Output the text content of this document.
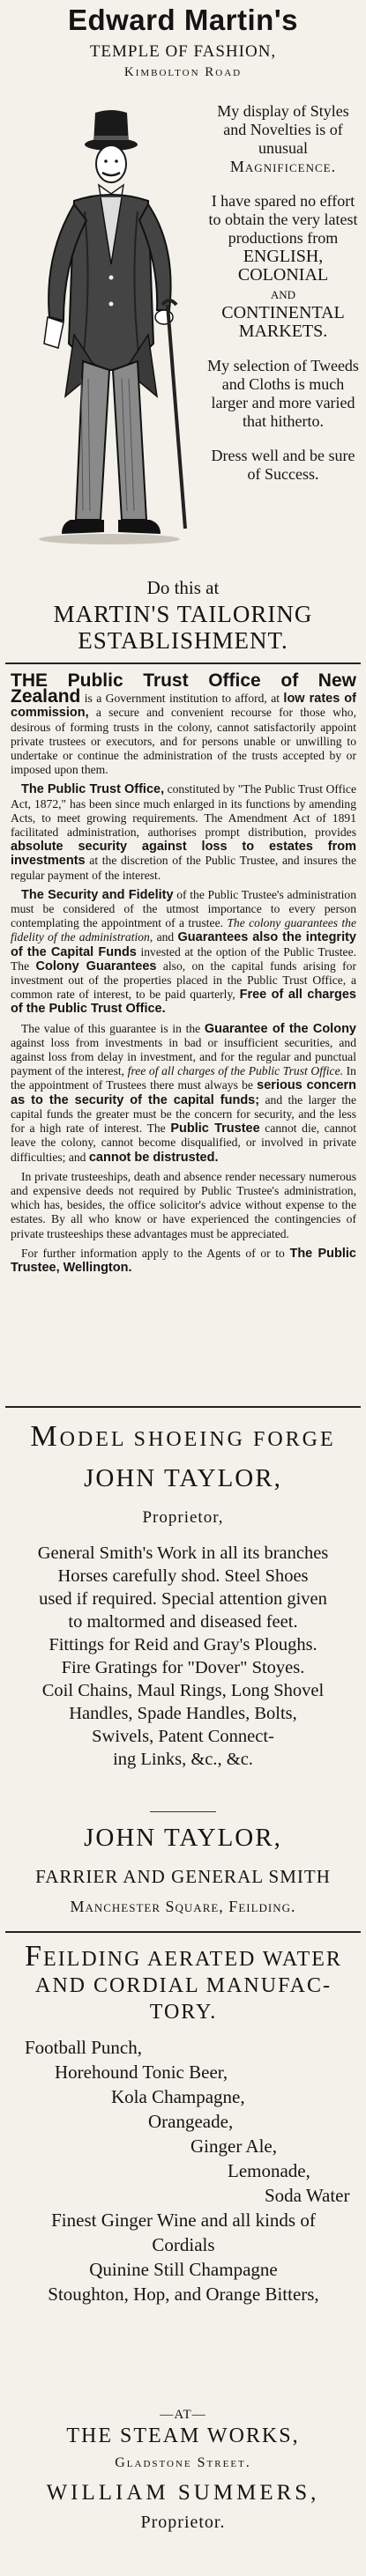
Edward Martin's
TEMPLE OF FASHION,
Kimbolton Road

My display of Styles and Novelties is of unusual
Magnificence.

I have spared no effort to obtain the very latest productions from
ENGLISH,
COLONIAL
AND
CONTINENTAL MARKETS.

My selection of Tweeds and Cloths is much larger and more varied that hitherto.

Dress well and be sure of Success.

Do this at
MARTIN'S TAILORING ESTABLISHMENT.

THE Public Trust Office of New Zealand is a Government institution to afford, at low rates of commission, a secure and convenient recourse for those who, desirous of forming trusts in the colony, cannot satisfactorily appoint private trustees or executors, and for persons unable or unwilling to undertake or continue the administration of the trusts accepted by or imposed upon them.

The Public Trust Office, constituted by "The Public Trust Office Act, 1872," has been since much enlarged in its functions by amending Acts, to meet growing requirements. The Amendment Act of 1891 facilitated administration, authorises prompt distribution, provides absolute security against loss to estates from investments at the discretion of the Public Trustee, and insures the regular payment of the interest.

The Security and Fidelity of the Public Trustee's administration must be considered of the utmost importance to every person contemplating the appointment of a trustee. The colony guarantees the fidelity of the administration, and Guarantees also the integrity of the Capital Funds invested at the option of the Public Trustee. The Colony Guarantees also, on the capital funds arising for investment out of the properties placed in the Public Trust Office, a common rate of interest, to be paid quarterly, Free of all charges of the Public Trust Office.

The value of this guarantee is in the Guarantee of the Colony against loss from investments in bad or insufficient securities, and against loss from delay in investment, and for the regular and punctual payment of the interest, free of all charges of the Public Trust Office. In the appointment of Trustees there must always be serious concern as to the security of the capital funds; and the larger the capital funds the greater must be the concern for security, and the less for a high rate of interest. The Public Trustee cannot die, cannot leave the colony, cannot become disqualified, or involved in private difficulties; and cannot be distrusted.

In private trusteeships, death and absence render necessary numerous and expensive deeds not required by Public Trustee's administration, which has, besides, the office solicitor's advice without expense to the estates. By all who know or have experienced the contingencies of private trusteeships these advantages must be appreciated.

For further information apply to the Agents of or to The Public Trustee, Wellington.

MODEL SHOEING FORGE
JOHN TAYLOR,
Proprietor,
General Smith's Work in all its branches
Horses carefully shod. Steel Shoes
used if required. Special attention given
to maltormed and diseased feet.
Fittings for Reid and Gray's Ploughs.
Fire Gratings for "Dover" Stoyes.
Coil Chains, Maul Rings, Long Shovel
Handles, Spade Handles, Bolts,
Swivels, Patent Connect-
ing Links, &c., &c.
JOHN TAYLOR,
FARRIER AND GENERAL SMITH
Manchester Square, Feilding.
FEILDING AERATED WATER
AND CORDIAL MANUFAC-
TORY.
Football Punch,
Horehound Tonic Beer,
Kola Champagne,
Orangeade,
Ginger Ale,
Lemonade,
Soda Water
Finest Ginger Wine and all kinds of
Cordials
Quinine Still Champagne
Stoughton, Hop, and Orange Bitters,
—AT—
THE STEAM WORKS,
Gladstone Street.
WILLIAM SUMMERS,
Proprietor.
